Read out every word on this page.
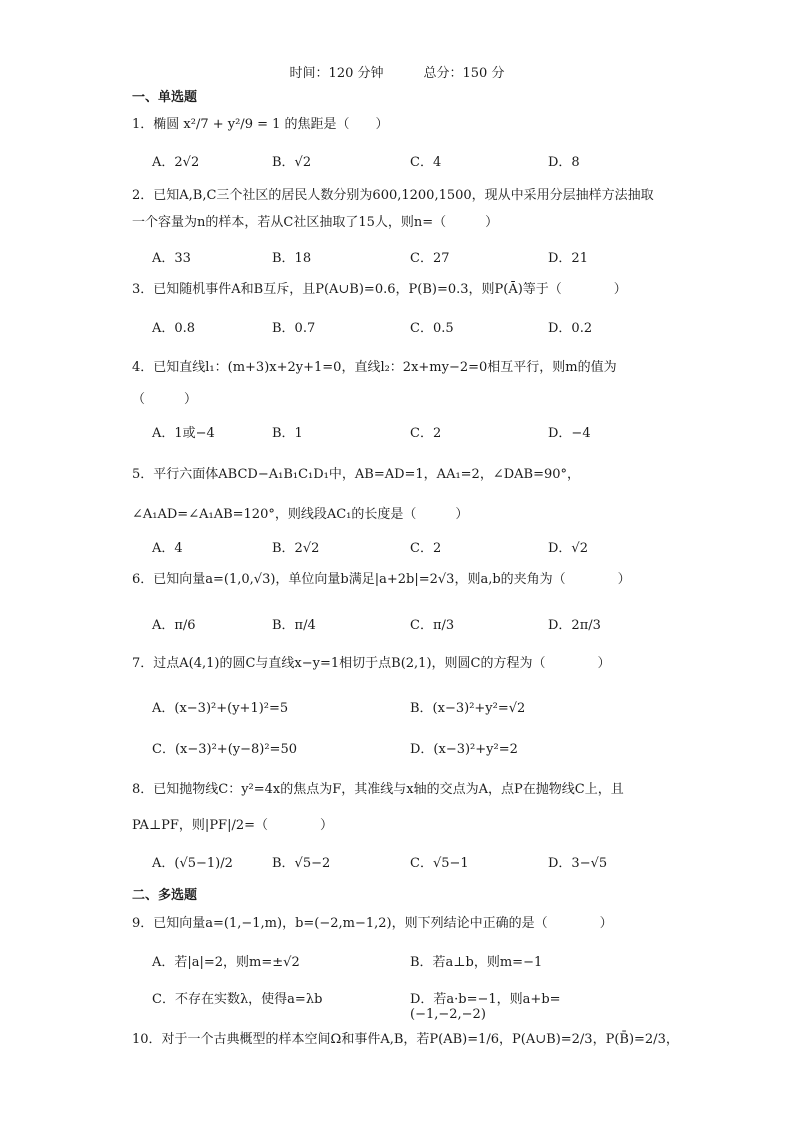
时间：120 分钟	总分：150 分
一、单选题
1．椭圆 x²/7 + y²/9 = 1 的焦距是（　　）
A．2√2	B．√2	C．4	D．8
2．已知A,B,C三个社区的居民人数分别为600,1200,1500，现从中采用分层抽样方法抽取一个容量为n的样本，若从C社区抽取了15人，则n=（　　　）
A．33	B．18	C．27	D．21
3．已知随机事件A和B互斥，且P(A∪B)=0.6，P(B)=0.3，则P(Ā)等于（　　　　）
A．0.8	B．0.7	C．0.5	D．0.2
4．已知直线l₁：(m+3)x+2y+1=0，直线l₂：2x+my−2=0相互平行，则m的值为（　　　）
A．1或−4	B．1	C．2	D．−4
5．平行六面体ABCD−A₁B₁C₁D₁中，AB=AD=1，AA₁=2，∠DAB=90°，∠A₁AD=∠A₁AB=120°，则线段AC₁的长度是（　　　）
A．4	B．2√2	C．2	D．√2
6．已知向量a=(1,0,√3)，单位向量b满足|a+2b|=2√3，则a,b的夹角为（　　　　）
A．π/6	B．π/4	C．π/3	D．2π/3
7．过点A(4,1)的圆C与直线x−y=1相切于点B(2,1)，则圆C的方程为（　　　　）
A．(x−3)²+(y+1)²=5	B．(x−3)²+y²=√2
C．(x−3)²+(y−8)²=50	D．(x−3)²+y²=2
8．已知抛物线C：y²=4x的焦点为F，其准线与x轴的交点为A，点P在抛物线C上，且PA⊥PF，则|PF|/2=（　　　　）
A．(√5−1)/2	B．√5−2	C．√5−1	D．3−√5
二、多选题
9．已知向量a=(1,−1,m)，b=(−2,m−1,2)，则下列结论中正确的是（　　　　）
A．若|a|=2，则m=±√2	B．若a⊥b，则m=−1
C．不存在实数λ，使得a=λb	D．若a·b=−1，则a+b=(−1,−2,−2)
10．对于一个古典概型的样本空间Ω和事件A,B，若P(AB)=1/6，P(A∪B)=2/3，P(B̄)=2/3，
